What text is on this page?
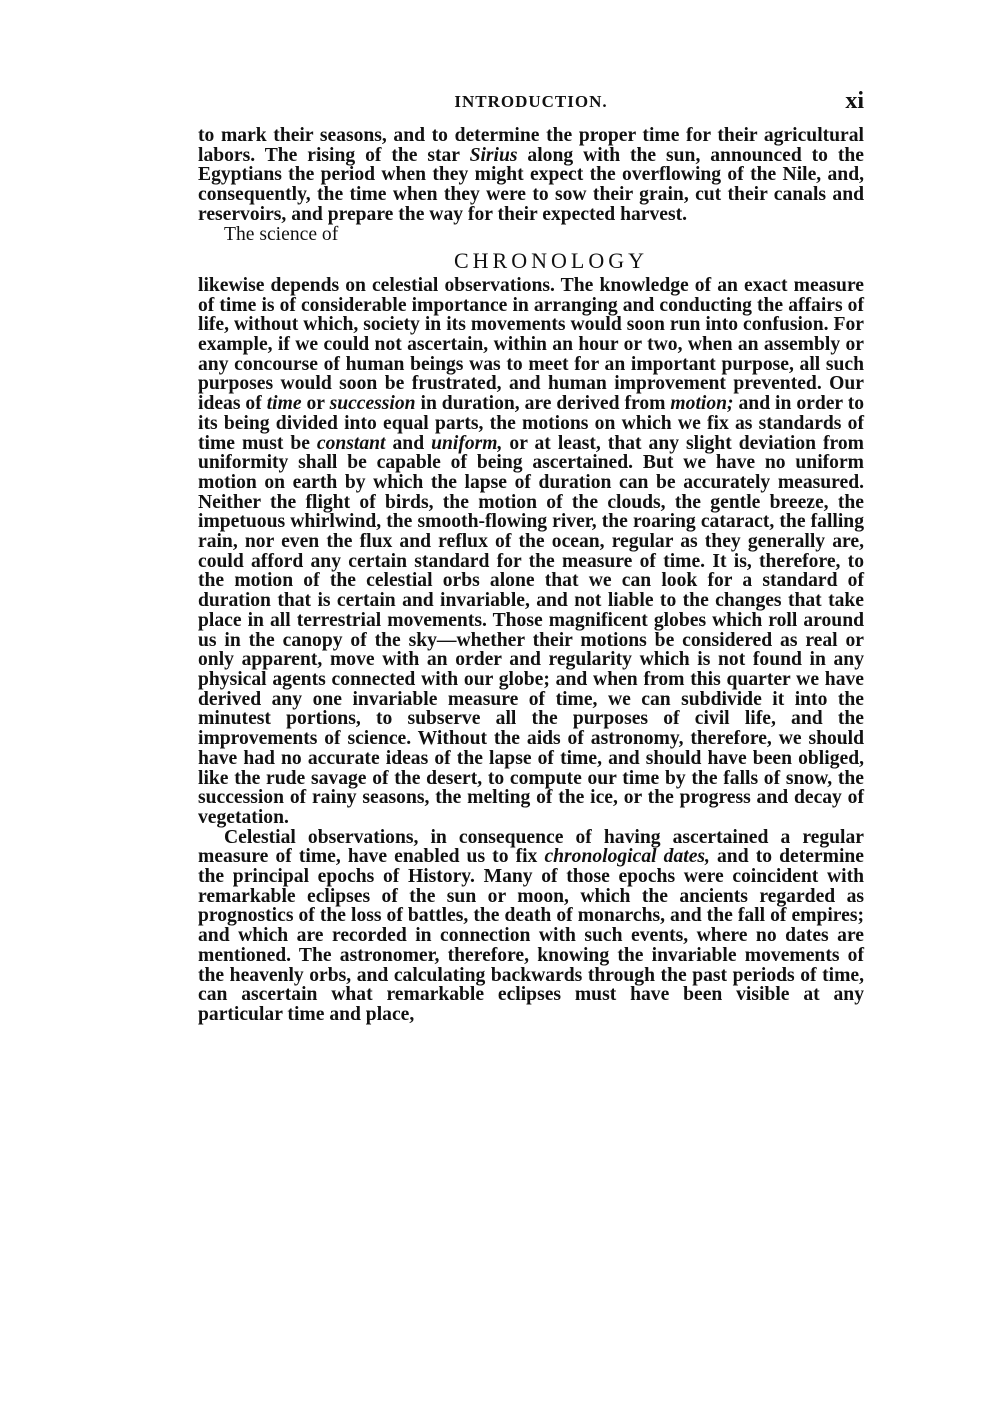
INTRODUCTION.	xi

to mark their seasons, and to determine the proper time for their agricultural labors. The rising of the star Sirius along with the sun, announced to the Egyptians the period when they might expect the overflowing of the Nile, and, consequently, the time when they were to sow their grain, cut their canals and reservoirs, and prepare the way for their expected harvest.

The science of

CHRONOLOGY

likewise depends on celestial observations. The knowledge of an exact measure of time is of considerable importance in arranging and conducting the affairs of life, without which, society in its movements would soon run into confusion. For example, if we could not ascertain, within an hour or two, when an assembly or any concourse of human beings was to meet for an important purpose, all such purposes would soon be frustrated, and human improvement prevented. Our ideas of time or succession in duration, are derived from motion; and in order to its being divided into equal parts, the motions on which we fix as standards of time must be constant and uniform, or at least, that any slight deviation from uniformity shall be capable of being ascertained. But we have no uniform motion on earth by which the lapse of duration can be accurately measured. Neither the flight of birds, the motion of the clouds, the gentle breeze, the impetuous whirlwind, the smooth-flowing river, the roaring cataract, the falling rain, nor even the flux and reflux of the ocean, regular as they generally are, could afford any certain standard for the measure of time. It is, therefore, to the motion of the celestial orbs alone that we can look for a standard of duration that is certain and invariable, and not liable to the changes that take place in all terrestrial movements. Those magnificent globes which roll around us in the canopy of the sky—whether their motions be considered as real or only apparent, move with an order and regularity which is not found in any physical agents connected with our globe; and when from this quarter we have derived any one invariable measure of time, we can subdivide it into the minutest portions, to subserve all the purposes of civil life, and the improvements of science. Without the aids of astronomy, therefore, we should have had no accurate ideas of the lapse of time, and should have been obliged, like the rude savage of the desert, to compute our time by the falls of snow, the succession of rainy seasons, the melting of the ice, or the progress and decay of vegetation.

Celestial observations, in consequence of having ascertained a regular measure of time, have enabled us to fix chronological dates, and to determine the principal epochs of History. Many of those epochs were coincident with remarkable eclipses of the sun or moon, which the ancients regarded as prognostics of the loss of battles, the death of monarchs, and the fall of empires; and which are recorded in connection with such events, where no dates are mentioned. The astronomer, therefore, knowing the invariable movements of the heavenly orbs, and calculating backwards through the past periods of time, can ascertain what remarkable eclipses must have been visible at any particular time and place,
